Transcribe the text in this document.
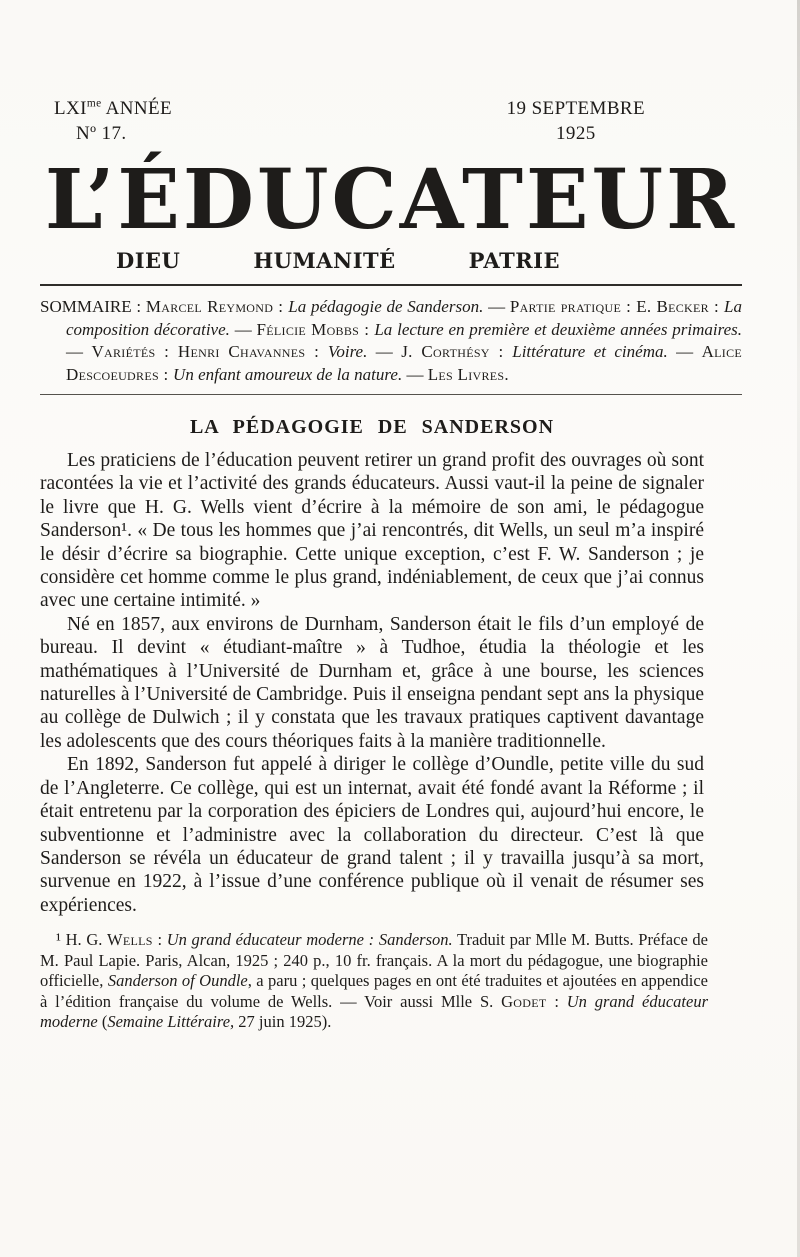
$LXI^{me}$ ANNÉE
Nº 17.
19 SEPTEMBRE
1925
L’ÉDUCATEUR
DIEU	HUMANITÉ	PATRIE

SOMMAIRE : Marcel Reymond : La pédagogie de Sanderson. — Partie pratique : E. Becker : La composition décorative. — Félicie Mobbs : La lecture en première et deuxième années primaires. — Variétés : Henri Chavannes : Voire. — J. Corthésy : Littérature et cinéma. — Alice Descoeudres : Un enfant amoureux de la nature. — Les Livres.

LA PÉDAGOGIE DE SANDERSON

Les praticiens de l’éducation peuvent retirer un grand profit des ouvrages où sont racontées la vie et l’activité des grands éducateurs. Aussi vaut-il la peine de signaler le livre que H. G. Wells vient d’écrire à la mémoire de son ami, le pédagogue Sanderson¹. « De tous les hommes que j’ai rencontrés, dit Wells, un seul m’a inspiré le désir d’écrire sa biographie. Cette unique exception, c’est F. W. Sanderson ; je considère cet homme comme le plus grand, indéniablement, de ceux que j’ai connus avec une certaine intimité. »

Né en 1857, aux environs de Durnham, Sanderson était le fils d’un employé de bureau. Il devint « étudiant-maître » à Tudhoe, étudia la théologie et les mathématiques à l’Université de Durnham et, grâce à une bourse, les sciences naturelles à l’Université de Cambridge. Puis il enseigna pendant sept ans la physique au collège de Dulwich ; il y constata que les travaux pratiques captivent davantage les adolescents que des cours théoriques faits à la manière traditionnelle.

En 1892, Sanderson fut appelé à diriger le collège d’Oundle, petite ville du sud de l’Angleterre. Ce collège, qui est un internat, avait été fondé avant la Réforme ; il était entretenu par la corporation des épiciers de Londres qui, aujourd’hui encore, le subventionne et l’administre avec la collaboration du directeur. C’est là que Sanderson se révéla un éducateur de grand talent ; il y travailla jusqu’à sa mort, survenue en 1922, à l’issue d’une conférence publique où il venait de résumer ses expériences.

¹ H. G. Wells : Un grand éducateur moderne : Sanderson. Traduit par Mlle M. Butts. Préface de M. Paul Lapie. Paris, Alcan, 1925 ; 240 p., 10 fr. français. A la mort du pédagogue, une biographie officielle, Sanderson of Oundle, a paru ; quelques pages en ont été traduites et ajoutées en appendice à l’édition française du volume de Wells. — Voir aussi Mlle S. Godet : Un grand éducateur moderne (Semaine Littéraire, 27 juin 1925).
